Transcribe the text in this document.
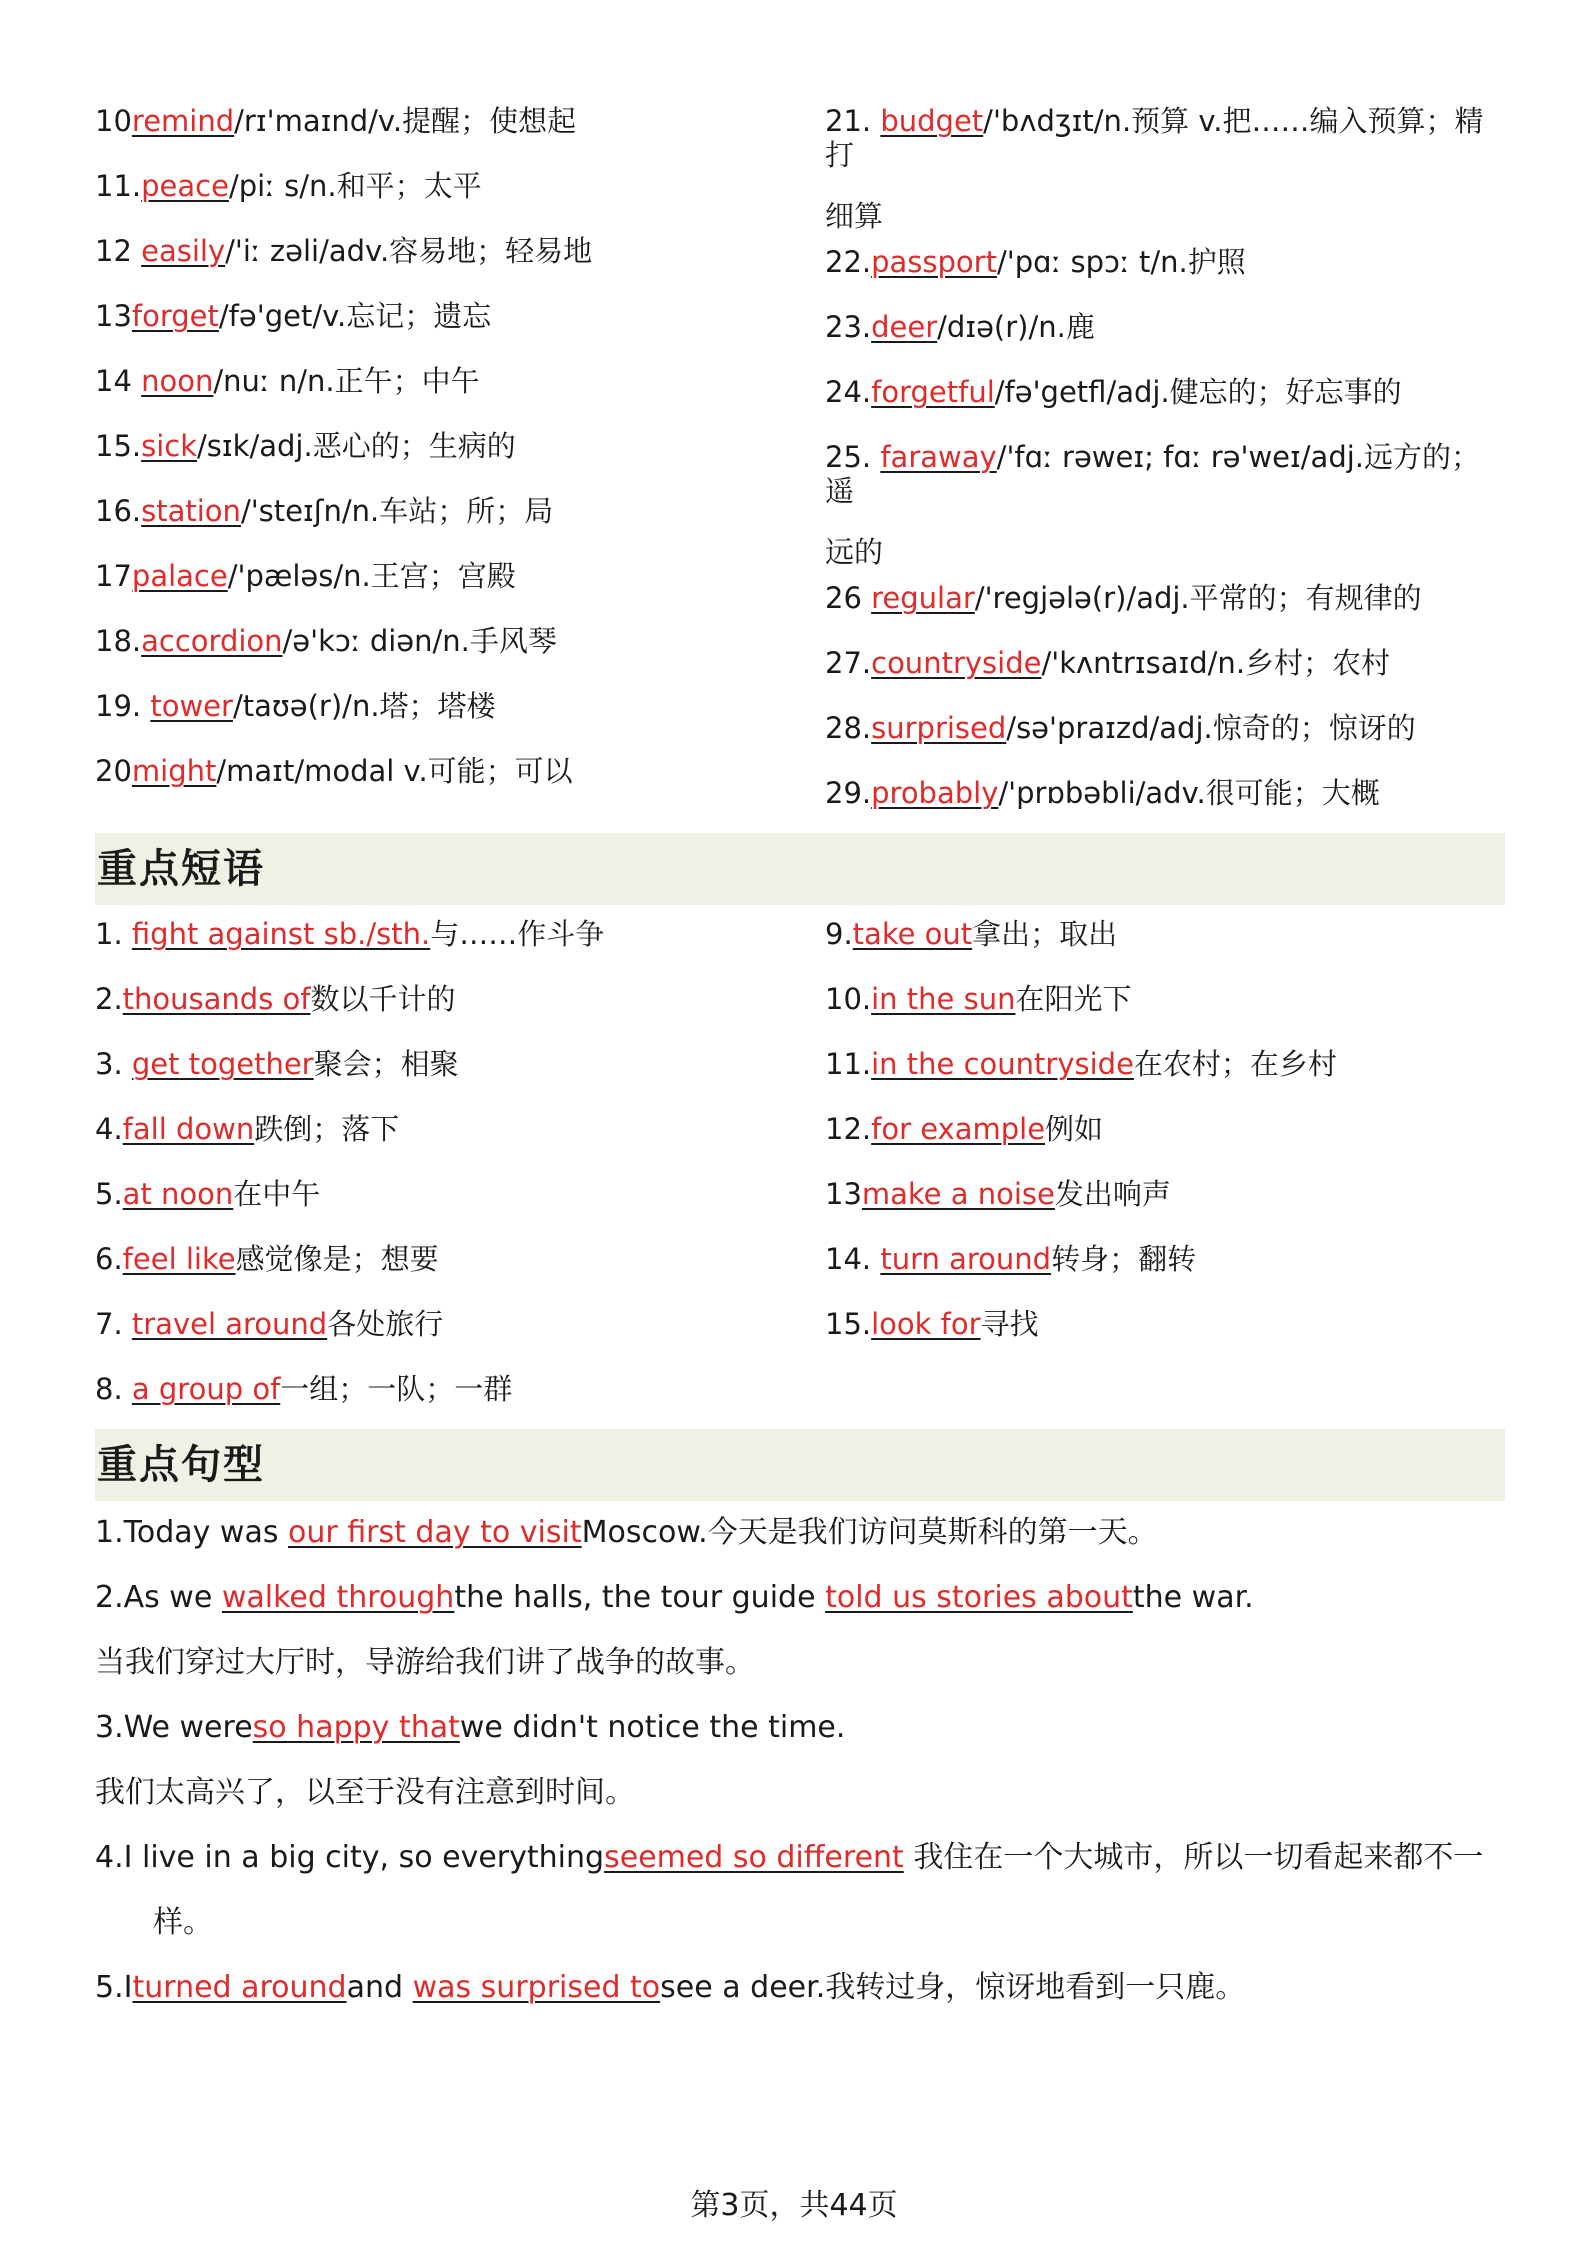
10remind/rɪ'maɪnd/v.提醒；使想起
11.peace/piː s/n.和平；太平
12 easily/'iː zəli/adv.容易地；轻易地
13forget/fə'get/v.忘记；遗忘
14 noon/nuː n/n.正午；中午
15.sick/sɪk/adj.恶心的；生病的
16.station/'steɪʃn/n.车站；所；局
17palace/'pæləs/n.王宫；宫殿
18.accordion/ə'kɔː diən/n.手风琴
19. tower/taʊə(r)/n.塔；塔楼
20might/maɪt/modal v.可能；可以
21. budget/'bʌdʒɪt/n.预算 v.把……编入预算；精打
细算
22.passport/'pɑː spɔː t/n.护照
23.deer/dɪə(r)/n.鹿
24.forgetful/fə'getfl/adj.健忘的；好忘事的
25. faraway/'fɑː rəweɪ; fɑː rə'weɪ/adj.远方的；遥
远的
26 regular/'regjələ(r)/adj.平常的；有规律的
27.countryside/'kʌntrɪsaɪd/n.乡村；农村
28.surprised/sə'praɪzd/adj.惊奇的；惊讶的
29.probably/'prɒbəbli/adv.很可能；大概
重点短语
1. fight against sb./sth.与……作斗争
2.thousands of数以千计的
3. get together聚会；相聚
4.fall down跌倒；落下
5.at noon在中午
6.feel like感觉像是；想要
7. travel around各处旅行
8. a group of一组；一队；一群
9.take out拿出；取出
10.in the sun在阳光下
11.in the countryside在农村；在乡村
12.for example例如
13make a noise发出响声
14. turn around转身；翻转
15.look for寻找
重点句型
1.Today was our first day to visitMoscow.今天是我们访问莫斯科的第一天。
2.As we walked throughthe halls, the tour guide told us stories aboutthe war.
当我们穿过大厅时，导游给我们讲了战争的故事。
3.We wereso happy thatwe didn't notice the time.
我们太高兴了，以至于没有注意到时间。
4.I live in a big city, so everythingseemed so different 我住在一个大城市，所以一切看起来都不一
样。
5.Iturned aroundand was surprised tosee a deer.我转过身，惊讶地看到一只鹿。
第3页，共44页
